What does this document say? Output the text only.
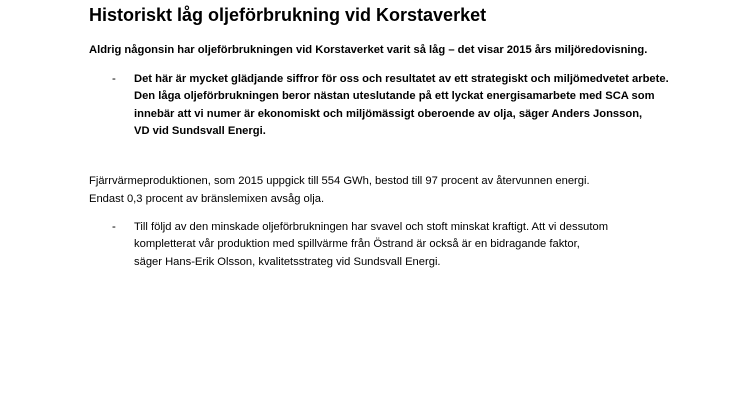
Historiskt låg oljeförbrukning vid Korstaverket
Aldrig någonsin har oljeförbrukningen vid Korstaverket varit så låg – det visar 2015 års miljöredovisning.
- Det här är mycket glädjande siffror för oss och resultatet av ett strategiskt och miljömedvetet arbete.
Den låga oljeförbrukningen beror nästan uteslutande på ett lyckat energisamarbete med SCA som
innebär att vi numer är ekonomiskt och miljömässigt oberoende av olja, säger Anders Jonsson,
VD vid Sundsvall Energi.
Fjärrvärmeproduktionen, som 2015 uppgick till 554 GWh, bestod till 97 procent av återvunnen energi.
Endast 0,3 procent av bränslemixen avsåg olja.
- Till följd av den minskade oljeförbrukningen har svavel och stoft minskat kraftigt. Att vi dessutom
kompletterat vår produktion med spillvärme från Östrand är också är en bidragande faktor,
säger Hans-Erik Olsson, kvalitetsstrateg vid Sundsvall Energi.
